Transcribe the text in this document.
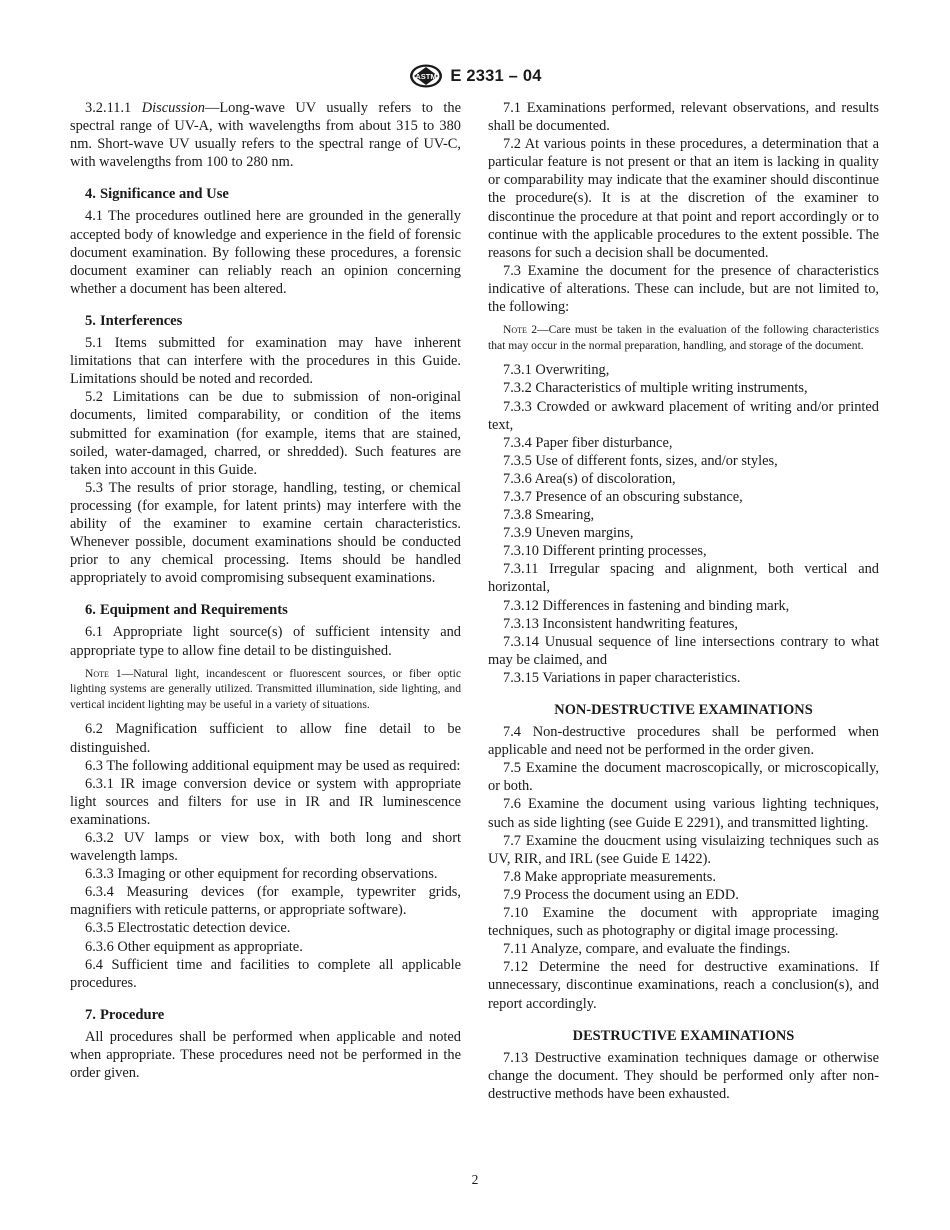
ASTM E 2331 – 04

3.2.11.1 Discussion—Long-wave UV usually refers to the spectral range of UV-A, with wavelengths from about 315 to 380 nm. Short-wave UV usually refers to the spectral range of UV-C, with wavelengths from 100 to 280 nm.

4. Significance and Use

4.1 The procedures outlined here are grounded in the generally accepted body of knowledge and experience in the field of forensic document examination. By following these procedures, a forensic document examiner can reliably reach an opinion concerning whether a document has been altered.

5. Interferences

5.1 Items submitted for examination may have inherent limitations that can interfere with the procedures in this Guide. Limitations should be noted and recorded.

5.2 Limitations can be due to submission of non-original documents, limited comparability, or condition of the items submitted for examination (for example, items that are stained, soiled, water-damaged, charred, or shredded). Such features are taken into account in this Guide.

5.3 The results of prior storage, handling, testing, or chemical processing (for example, for latent prints) may interfere with the ability of the examiner to examine certain characteristics. Whenever possible, document examinations should be conducted prior to any chemical processing. Items should be handled appropriately to avoid compromising subsequent examinations.

6. Equipment and Requirements

6.1 Appropriate light source(s) of sufficient intensity and appropriate type to allow fine detail to be distinguished.

Note 1—Natural light, incandescent or fluorescent sources, or fiber optic lighting systems are generally utilized. Transmitted illumination, side lighting, and vertical incident lighting may be useful in a variety of situations.

6.2 Magnification sufficient to allow fine detail to be distinguished.

6.3 The following additional equipment may be used as required:

6.3.1 IR image conversion device or system with appropriate light sources and filters for use in IR and IR luminescence examinations.

6.3.2 UV lamps or view box, with both long and short wavelength lamps.

6.3.3 Imaging or other equipment for recording observations.

6.3.4 Measuring devices (for example, typewriter grids, magnifiers with reticule patterns, or appropriate software).

6.3.5 Electrostatic detection device.

6.3.6 Other equipment as appropriate.

6.4 Sufficient time and facilities to complete all applicable procedures.

7. Procedure

All procedures shall be performed when applicable and noted when appropriate. These procedures need not be performed in the order given.

7.1 Examinations performed, relevant observations, and results shall be documented.

7.2 At various points in these procedures, a determination that a particular feature is not present or that an item is lacking in quality or comparability may indicate that the examiner should discontinue the procedure(s). It is at the discretion of the examiner to discontinue the procedure at that point and report accordingly or to continue with the applicable procedures to the extent possible. The reasons for such a decision shall be documented.

7.3 Examine the document for the presence of characteristics indicative of alterations. These can include, but are not limited to, the following:

Note 2—Care must be taken in the evaluation of the following characteristics that may occur in the normal preparation, handling, and storage of the document.

7.3.1 Overwriting,

7.3.2 Characteristics of multiple writing instruments,

7.3.3 Crowded or awkward placement of writing and/or printed text,

7.3.4 Paper fiber disturbance,

7.3.5 Use of different fonts, sizes, and/or styles,

7.3.6 Area(s) of discoloration,

7.3.7 Presence of an obscuring substance,

7.3.8 Smearing,

7.3.9 Uneven margins,

7.3.10 Different printing processes,

7.3.11 Irregular spacing and alignment, both vertical and horizontal,

7.3.12 Differences in fastening and binding mark,

7.3.13 Inconsistent handwriting features,

7.3.14 Unusual sequence of line intersections contrary to what may be claimed, and

7.3.15 Variations in paper characteristics.

NON-DESTRUCTIVE EXAMINATIONS

7.4 Non-destructive procedures shall be performed when applicable and need not be performed in the order given.

7.5 Examine the document macroscopically, or microscopically, or both.

7.6 Examine the document using various lighting techniques, such as side lighting (see Guide E 2291), and transmitted lighting.

7.7 Examine the doucment using visulaizing techniques such as UV, RIR, and IRL (see Guide E 1422).

7.8 Make appropriate measurements.

7.9 Process the document using an EDD.

7.10 Examine the document with appropriate imaging techniques, such as photography or digital image processing.

7.11 Analyze, compare, and evaluate the findings.

7.12 Determine the need for destructive examinations. If unnecessary, discontinue examinations, reach a conclusion(s), and report accordingly.

DESTRUCTIVE EXAMINATIONS

7.13 Destructive examination techniques damage or otherwise change the document. They should be performed only after non-destructive methods have been exhausted.

2
